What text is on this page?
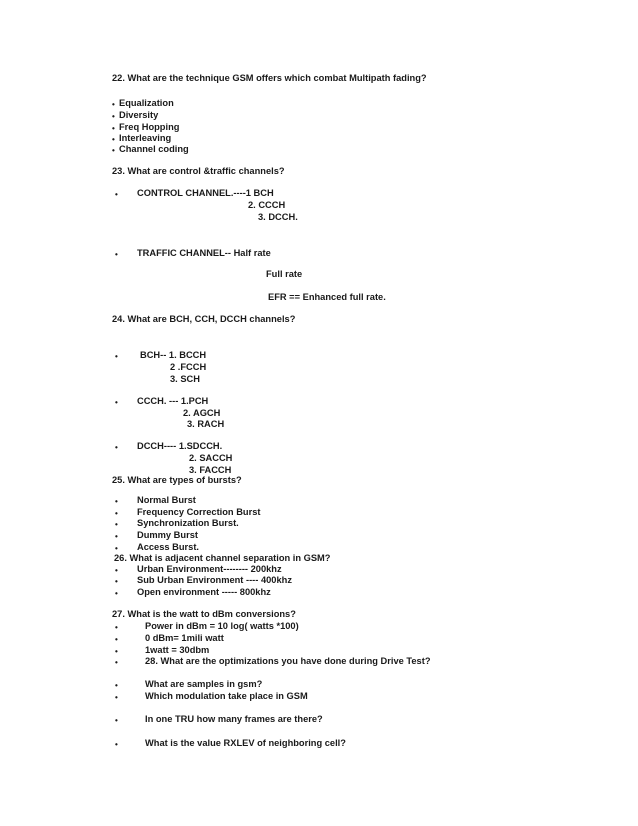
22. What are the technique GSM offers which combat Multipath fading?
• Equalization
• Diversity
• Freq Hopping
• Interleaving
• Channel coding
23. What are control &traffic channels?
• CONTROL CHANNEL.----1 BCH
2. CCCH
3. DCCH.
• TRAFFIC CHANNEL-- Half rate
Full rate
EFR == Enhanced full rate.
24. What are BCH, CCH, DCCH channels?
• BCH-- 1. BCCH
2 .FCCH
3. SCH
• CCCH. --- 1.PCH
2. AGCH
3. RACH
• DCCH---- 1.SDCCH.
2. SACCH
3. FACCH
25. What are types of bursts?
• Normal Burst
• Frequency Correction Burst
• Synchronization Burst.
• Dummy Burst
• Access Burst.
26. What is adjacent channel separation in GSM?
• Urban Environment-------- 200khz
• Sub Urban Environment ---- 400khz
• Open environment ----- 800khz
27. What is the watt to dBm conversions?
•	Power in dBm = 10 log( watts *100)
•	0 dBm= 1mili watt
•	1watt = 30dbm
•	28. What are the optimizations you have done during Drive Test?
•	What are samples in gsm?
•	Which modulation take place in GSM
•	In one TRU how many frames are there?
•	What is the value RXLEV of neighboring cell?
